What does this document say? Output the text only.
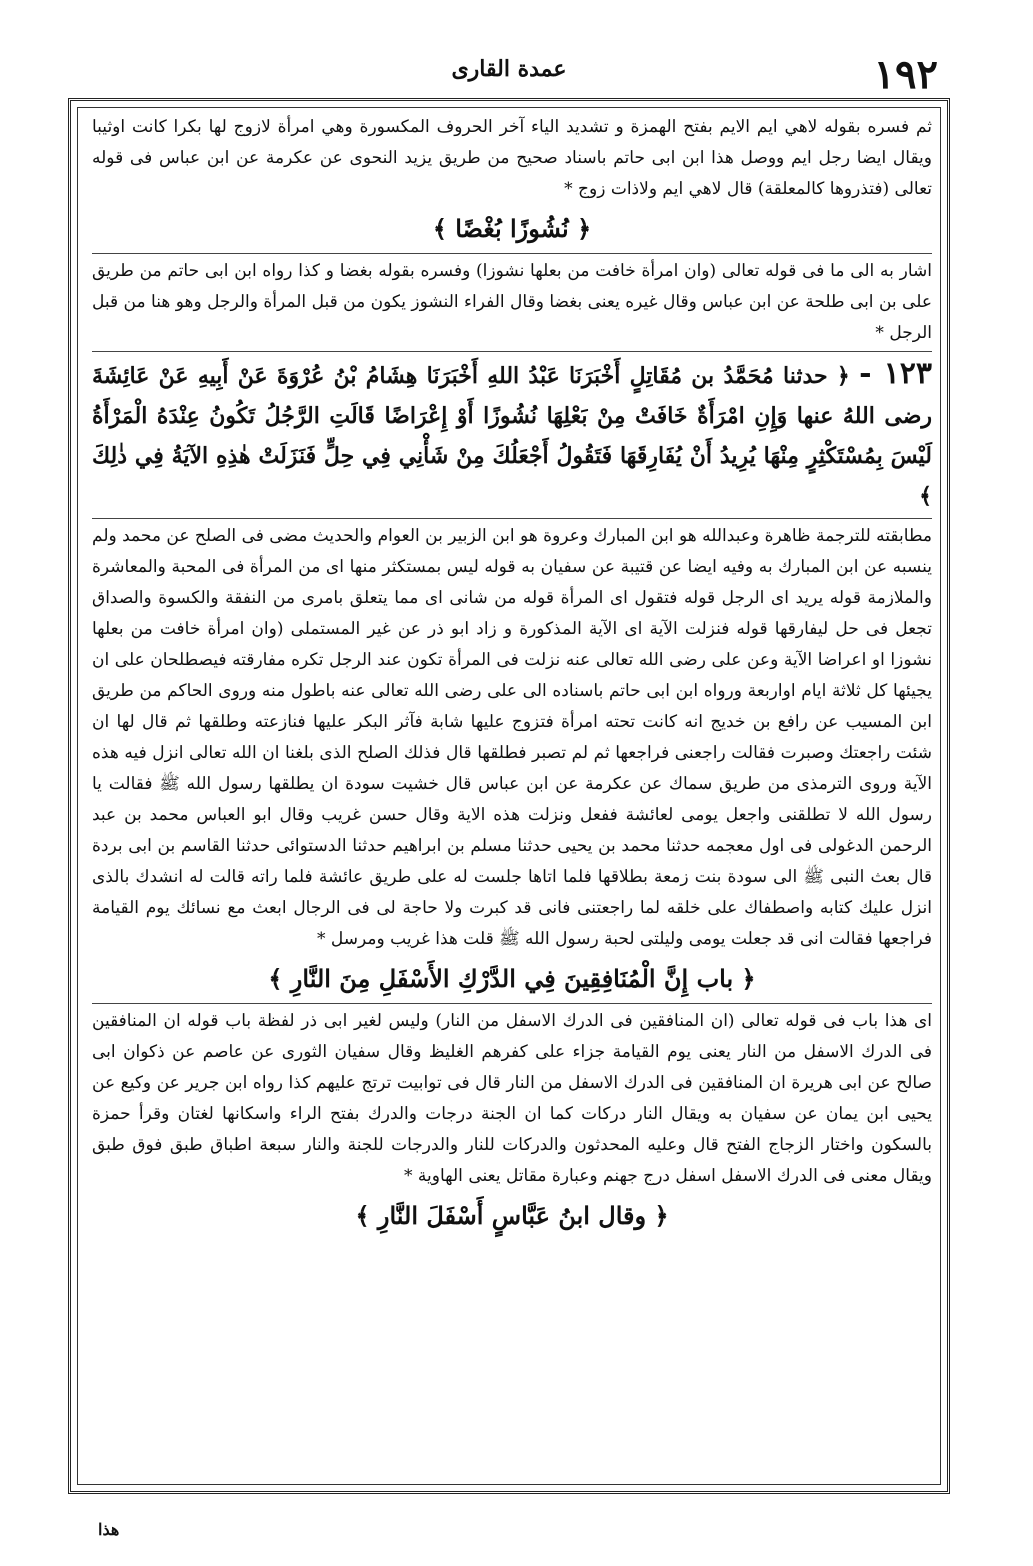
١٩٢
عمدة القارى

ثم فسره بقوله لاهي ايم الايم بفتح الهمزة و تشديد الياء آخر الحروف المكسورة وهي امرأة لازوج لها بكرا كانت اوثيبا ويقال ايضا رجل ايم ووصل هذا ابن ابى حاتم باسناد صحيح من طريق يزيد النحوى عن عكرمة عن ابن عباس فى قوله تعالى (فتذروها كالمعلقة) قال لاهي ايم ولاذات زوج *

﴿ نُشُوزًا بُغْضًا ﴾

اشار به الى ما فى قوله تعالى (وان امرأة خافت من بعلها نشوزا) وفسره بقوله بغضا و كذا رواه ابن ابى حاتم من طريق على بن ابى طلحة عن ابن عباس وقال غيره يعنى بغضا وقال الفراء النشوز يكون من قبل المرأة والرجل وهو هنا من قبل الرجل *

١٢٣ - ﴿ حدثنا مُحَمَّدُ بن مُقَاتِلٍ أَخْبَرَنَا عَبْدُ اللهِ أَخْبَرَنَا هِشَامُ بْنُ عُرْوَةَ عَنْ أَبِيهِ عَنْ عَائِشَةَ رضى اللهُ عنها وَإِنِ امْرَأَةٌ خَافَتْ مِنْ بَعْلِهَا نُشُوزًا أَوْ إِعْرَاضًا قَالَتِ الرَّجُلُ تَكُونُ عِنْدَهُ الْمَرْأَةُ لَيْسَ بِمُسْتَكْثِرٍ مِنْهَا يُرِيدُ أَنْ يُفَارِقَهَا فَتَقُولُ أَجْعَلُكَ مِنْ شَأْنِي فِي حِلٍّ فَنَزَلَتْ هٰذِهِ الآيَةُ فِي ذٰلِكَ ﴾

مطابقته للترجمة ظاهرة وعبدالله هو ابن المبارك وعروة هو ابن الزبير بن العوام والحديث مضى فى الصلح عن محمد ولم ينسبه عن ابن المبارك به وفيه ايضا عن قتيبة عن سفيان به قوله ليس بمستكثر منها اى من المرأة فى المحبة والمعاشرة والملازمة قوله يريد اى الرجل قوله فتقول اى المرأة قوله من شانى اى مما يتعلق بامرى من النفقة والكسوة والصداق تجعل فى حل ليفارقها قوله فنزلت الآية اى الآية المذكورة و زاد ابو ذر عن غير المستملى (وان امرأة خافت من بعلها نشوزا او اعراضا الآية وعن على رضى الله تعالى عنه نزلت فى المرأة تكون عند الرجل تكره مفارقته فيصطلحان على ان يجيئها كل ثلاثة ايام اواربعة ورواه ابن ابى حاتم باسناده الى على رضى الله تعالى عنه باطول منه وروى الحاكم من طريق ابن المسيب عن رافع بن خديج انه كانت تحته امرأة فتزوج عليها شابة فآثر البكر عليها فنازعته وطلقها ثم قال لها ان شئت راجعتك وصبرت فقالت راجعنى فراجعها ثم لم تصبر فطلقها قال فذلك الصلح الذى بلغنا ان الله تعالى انزل فيه هذه الآية وروى الترمذى من طريق سماك عن عكرمة عن ابن عباس قال خشيت سودة ان يطلقها رسول الله ﷺ فقالت يا رسول الله لا تطلقنى واجعل يومى لعائشة ففعل ونزلت هذه الاية وقال حسن غريب وقال ابو العباس محمد بن عبد الرحمن الدغولى فى اول معجمه حدثنا محمد بن يحيى حدثنا مسلم بن ابراهيم حدثنا الدستوائى حدثنا القاسم بن ابى بردة قال بعث النبى ﷺ الى سودة بنت زمعة بطلاقها فلما اتاها جلست له على طريق عائشة فلما راته قالت له انشدك بالذى انزل عليك كتابه واصطفاك على خلقه لما راجعتنى فانى قد كبرت ولا حاجة لى فى الرجال ابعث مع نسائك يوم القيامة فراجعها فقالت انى قد جعلت يومى وليلتى لحبة رسول الله ﷺ قلت هذا غريب ومرسل *

﴿ باب إِنَّ الْمُنَافِقِينَ فِي الدَّرْكِ الأَسْفَلِ مِنَ النَّارِ ﴾

اى هذا باب فى قوله تعالى (ان المنافقين فى الدرك الاسفل من النار) وليس لغير ابى ذر لفظة باب قوله ان المنافقين فى الدرك الاسفل من النار يعنى يوم القيامة جزاء على كفرهم الغليظ وقال سفيان الثورى عن عاصم عن ذكوان ابى صالح عن ابى هريرة ان المنافقين فى الدرك الاسفل من النار قال فى توابيت ترتج عليهم كذا رواه ابن جرير عن وكيع عن يحيى ابن يمان عن سفيان به ويقال النار دركات كما ان الجنة درجات والدرك بفتح الراء واسكانها لغتان وقرأ حمزة بالسكون واختار الزجاج الفتح قال وعليه المحدثون والدركات للنار والدرجات للجنة والنار سبعة اطباق طبق فوق طبق ويقال معنى فى الدرك الاسفل اسفل درج جهنم وعبارة مقاتل يعنى الهاوية *

﴿ وقال ابنُ عَبَّاسٍ أَسْفَلَ النَّارِ ﴾
هذا
